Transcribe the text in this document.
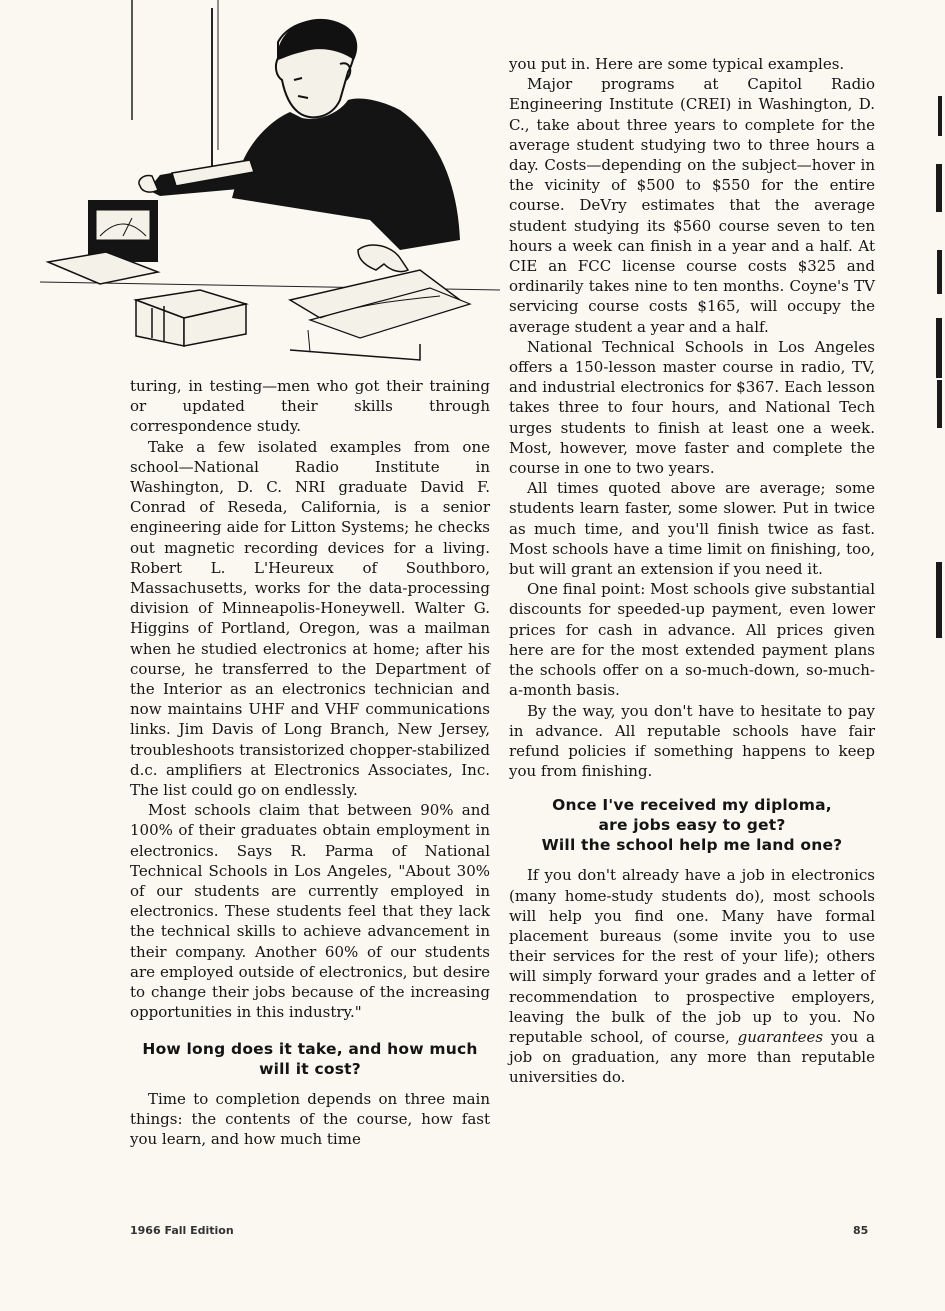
turing, in testing—men who got their training or updated their skills through correspondence study.

Take a few isolated examples from one school—National Radio Institute in Washington, D. C. NRI graduate David F. Conrad of Reseda, California, is a senior engineering aide for Litton Systems; he checks out magnetic recording devices for a living. Robert L. L'Heureux of Southboro, Massachusetts, works for the data-processing division of Minneapolis-Honeywell. Walter G. Higgins of Portland, Oregon, was a mailman when he studied electronics at home; after his course, he transferred to the Department of the Interior as an electronics technician and now maintains UHF and VHF communications links. Jim Davis of Long Branch, New Jersey, troubleshoots transistorized chopper-stabilized d.c. amplifiers at Electronics Associates, Inc. The list could go on endlessly.

Most schools claim that between 90% and 100% of their graduates obtain employment in electronics. Says R. Parma of National Technical Schools in Los Angeles, "About 30% of our students are currently employed in electronics. These students feel that they lack the technical skills to achieve advancement in their company. Another 60% of our students are employed outside of electronics, but desire to change their jobs because of the increasing opportunities in this industry."

How long does it take, and how much will it cost?

Time to completion depends on three main things: the contents of the course, how fast you learn, and how much time

you put in. Here are some typical examples.

Major programs at Capitol Radio Engineering Institute (CREI) in Washington, D. C., take about three years to complete for the average student studying two to three hours a day. Costs—depending on the subject—hover in the vicinity of $500 to $550 for the entire course. DeVry estimates that the average student studying its $560 course seven to ten hours a week can finish in a year and a half. At CIE an FCC license course costs $325 and ordinarily takes nine to ten months. Coyne's TV servicing course costs $165, will occupy the average student a year and a half.

National Technical Schools in Los Angeles offers a 150-lesson master course in radio, TV, and industrial electronics for $367. Each lesson takes three to four hours, and National Tech urges students to finish at least one a week. Most, however, move faster and complete the course in one to two years.

All times quoted above are average; some students learn faster, some slower. Put in twice as much time, and you'll finish twice as fast. Most schools have a time limit on finishing, too, but will grant an extension if you need it.

One final point: Most schools give substantial discounts for speeded-up payment, even lower prices for cash in advance. All prices given here are for the most extended payment plans the schools offer on a so-much-down, so-much-a-month basis.

By the way, you don't have to hesitate to pay in advance. All reputable schools have fair refund policies if something happens to keep you from finishing.

Once I've received my diploma,
are jobs easy to get?
Will the school help me land one?

If you don't already have a job in electronics (many home-study students do), most schools will help you find one. Many have formal placement bureaus (some invite you to use their services for the rest of your life); others will simply forward your grades and a letter of recommendation to prospective employers, leaving the bulk of the job up to you. No reputable school, of course, guarantees you a job on graduation, any more than reputable universities do.

1966 Fall Edition	85
